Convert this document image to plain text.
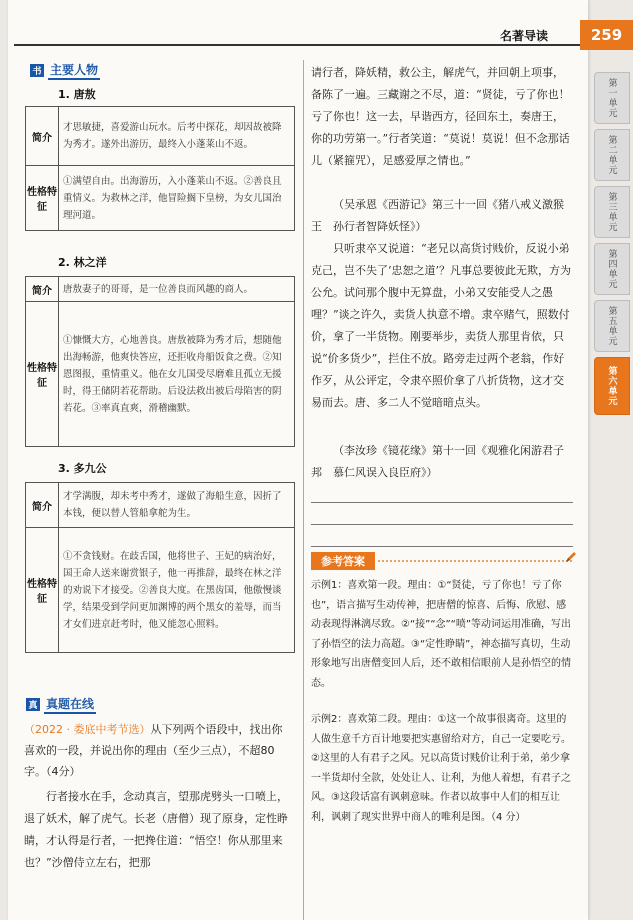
名著导读	259
第一单元
第二单元
第三单元
第四单元
第五单元
第六单元
书 主要人物
1. 唐敖
简介	才思敏捷，喜爱游山玩水。后考中探花，却因故被降为秀才。遂外出游历，最终入小蓬莱山不返。
性格特征	①满望自由。出海游历，入小蓬莱山不返。②善良且重情义。为救林之洋，他冒险搁下皇榜，为女儿国治理河道。
2. 林之洋
简介	唐敖妻子的哥哥，是一位善良而风趣的商人。
性格特征	①慷慨大方，心地善良。唐敖被降为秀才后，想随他出海畅游，他爽快答应，还拒收舟船饭食之费。②知恩图报，重情重义。他在女儿国受尽磨难且孤立无援时，得王储阴若花帮助。后设法救出被后母陷害的阴若花。③率真直爽，滑稽幽默。
3. 多九公
简介	才学满腹，却未考中秀才，遂做了海船生意，因折了本钱，便以替人管船拿舵为生。
性格特征	①不贪钱财。在歧舌国，他将世子、王妃的病治好，国王命人送来谢赏银子，他一再推辞，最终在林之洋的劝说下才接受。②善良大度。在黑齿国，他傲慢谈学，结果受到学问更加渊博的两个黑女的羞辱，而当才女们进京赶考时，他又能忽心照料。
真 真题在线
（2022 · 娄底中考节选）从下列两个语段中，找出你喜欢的一段，并说出你的理由（至少三点），不超80字。（4分）
行者接水在手，念动真言，望那虎劈头一口喷上，退了妖术，解了虎气。长老（唐僧）现了原身，定性睁睛，才认得是行者，一把搀住道：“悟空！你从那里来也？”沙僧侍立左右，把那
请行者，降妖精，救公主，解虎气，并回朝上项事，备陈了一遍。三藏谢之不尽，道：“贤徒，亏了你也！亏了你也！这一去，早谐西方，径回东土，奏唐王，你的功劳第一。”行者笑道：“莫说！莫说！但不念那话儿（紧箍咒），足感爱厚之情也。”
（吴承恩《西游记》第三十一回《猪八戒义激猴王　孙行者智降妖怪》）
只听隶卒又说道：“老兄以高货讨贱价，反说小弟克己，岂不失了‘忠恕之道’？凡事总要彼此无欺，方为公允。试问那个腹中无算盘，小弟又安能受人之愚哩？”谈之许久，卖货人执意不增。隶卒赌气，照数付价，拿了一半货物。刚要举步，卖货人那里肯依，只说“价多货少”，拦住不放。路旁走过两个老翁，作好作歹，从公评定，令隶卒照价拿了八折货物，这才交易而去。唐、多二人不觉暗暗点头。
（李汝珍《镜花缘》第十一回《观雅化闲游君子邦　慕仁风误入良臣府》）
参考答案
示例1：喜欢第一段。理由：①“贤徒，亏了你也！亏了你也”，语言描写生动传神，把唐僧的惊喜、后悔、欣慰、感动表现得淋漓尽致。②“接”“念”“喷”等动词运用准确，写出了孙悟空的法力高超。③“定性睁睛”，神态描写真切，生动形象地写出唐僧变回人后，还不敢相信眼前人是孙悟空的情态。
示例2：喜欢第二段。理由：①这一个故事很离奇。这里的人做生意千方百计地要把实惠留给对方，自己一定要吃亏。②这里的人有君子之风。兄以高货讨贱价让利于弟，弟少拿一半货却付全款，处处让人、让利，为他人着想，有君子之风。③这段话富有讽刺意味。作者以故事中人们的相互让利，讽刺了现实世界中商人的唯利是图。（4 分）
